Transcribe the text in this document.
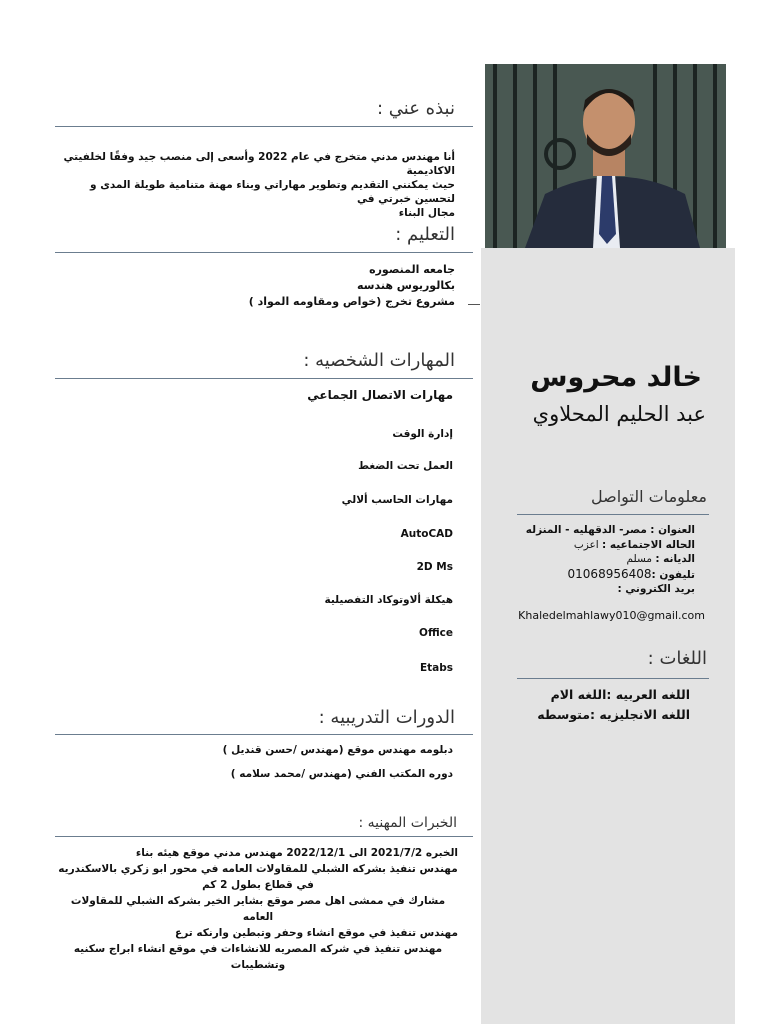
نبذه عني :
أنا مهندس مدني متخرج في عام 2022 وأسعى إلى منصب جيد وفقًا لخلفيتي الاكاديمية
حيث يمكنني التقديم وتطوير مهاراتي وبناء مهنة متنامية طويلة المدى و لتحسين خبرتي في
مجال البناء
التعليم :
جامعه المنصوره
بكالوريوس هندسه
مشروع تخرج (خواص ومقاومه المواد )
المهارات الشخصيه :
مهارات الاتصال الجماعي
إدارة الوقت
العمل تحت الضغط
مهارات الحاسب ألالي
AutoCAD
2D Ms
هيكلة ألاوتوكاد التفصيلية
Office
Etabs
الدورات التدريبيه :
دبلومه مهندس موقع (مهندس /حسن قنديل )
دوره المكتب الفني (مهندس /محمد سلامه )
الخبرات المهنيه :
الخبره 2021/7/2 الى 2022/12/1 مهندس مدني موقع هيئه بناء
مهندس تنفيذ بشركه الشبلي للمقاولات العامه في محور ابو زكري بالاسكندريه
في قطاع بطول 2 كم
مشارك في ممشى اهل مصر موقع بشاير الخير بشركه الشبلي للمقاولات العامه
مهندس تنفيذ في موقع انشاء وحفر وتبطين وارنكه ترع
مهندس تنفيذ في شركه المصريه للانشاءات في موقع انشاء ابراج سكنيه
وتشطيبات
خالد محروس
عبد الحليم المحلاوي
معلومات التواصل
العنوان : مصر- الدقهليه - المنزله
الحاله الاجتماعيه : اعزب
الديانه : مسلم
تليفون :01068956408
بريد الكتروني :
Khaledelmahlawy010@gmail.com
اللغات :
اللغه العربيه :اللغه الام
اللغه الانجليزيه :متوسطه
